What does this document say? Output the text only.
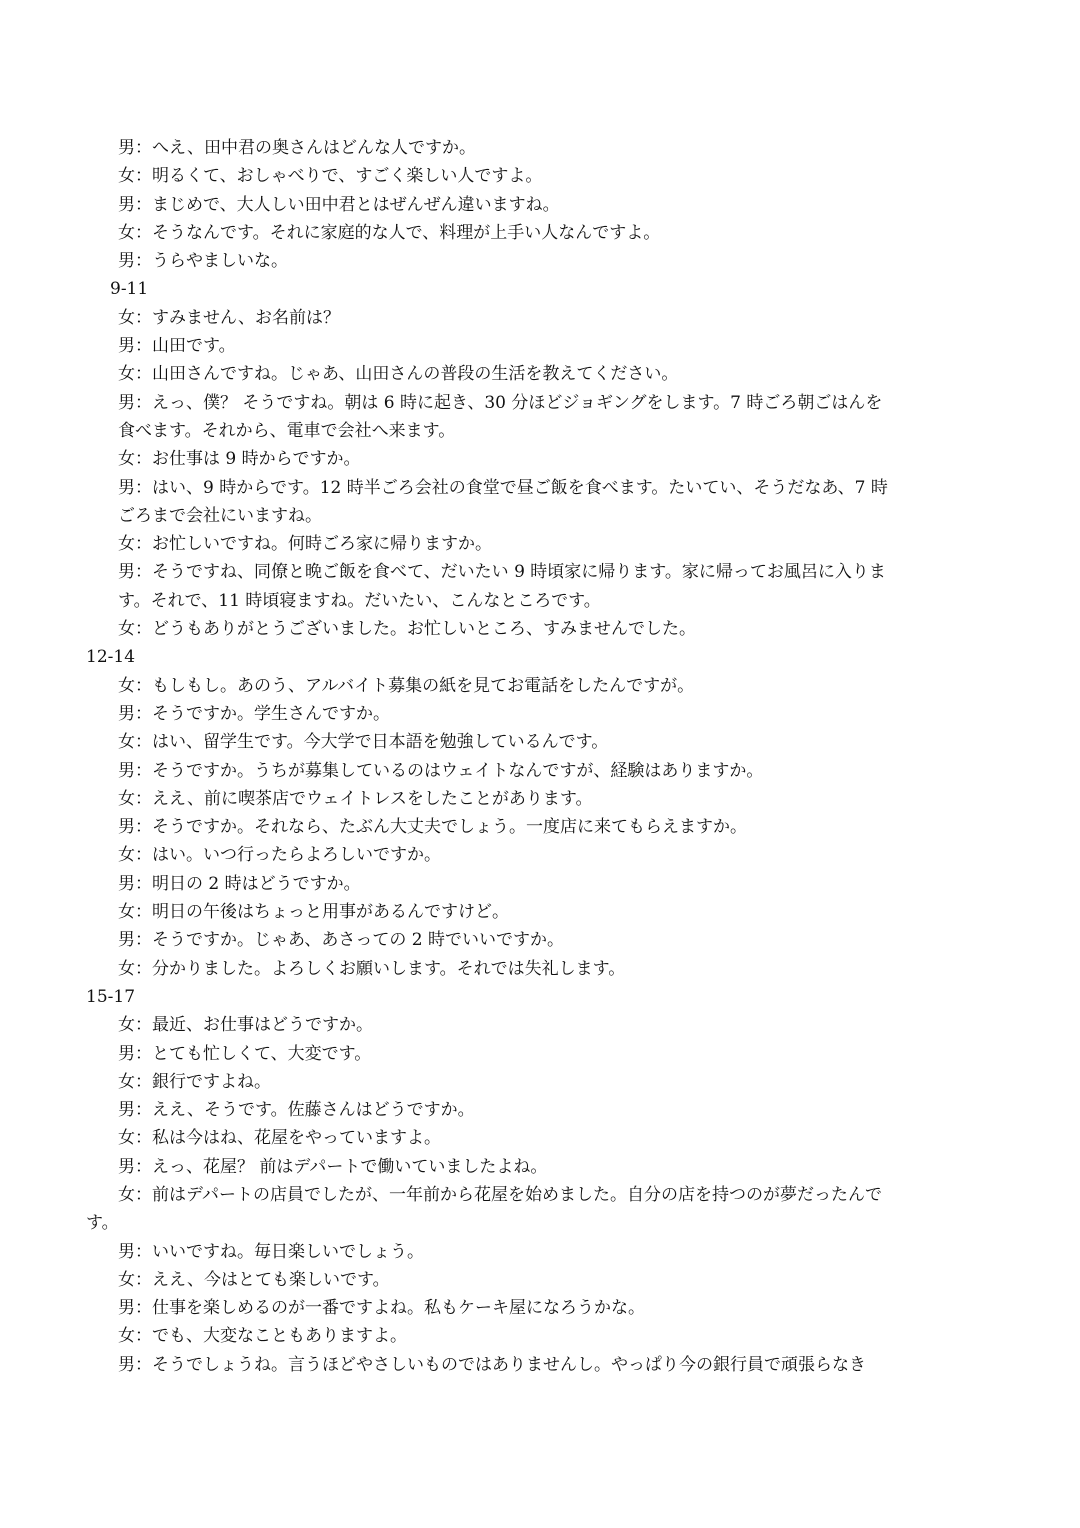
男：へえ、田中君の奥さんはどんな人ですか。
女：明るくて、おしゃべりで、すごく楽しい人ですよ。
男：まじめで、大人しい田中君とはぜんぜん違いますね。
女：そうなんです。それに家庭的な人で、料理が上手い人なんですよ。
男：うらやましいな。
9-11
女：すみません、お名前は？
男：山田です。
女：山田さんですね。じゃあ、山田さんの普段の生活を教えてください。
男：えっ、僕？ そうですね。朝は 6 時に起き、30 分ほどジョギングをします。7 時ごろ朝ごはんを
食べます。それから、電車で会社へ来ます。
女：お仕事は 9 時からですか。
男：はい、9 時からです。12 時半ごろ会社の食堂で昼ご飯を食べます。たいてい、そうだなあ、7 時
ごろまで会社にいますね。
女：お忙しいですね。何時ごろ家に帰りますか。
男：そうですね、同僚と晩ご飯を食べて、だいたい 9 時頃家に帰ります。家に帰ってお風呂に入りま
す。それで、11 時頃寝ますね。だいたい、こんなところです。
女：どうもありがとうございました。お忙しいところ、すみませんでした。
12-14
女：もしもし。あのう、アルバイト募集の紙を見てお電話をしたんですが。
男：そうですか。学生さんですか。
女：はい、留学生です。今大学で日本語を勉強しているんです。
男：そうですか。うちが募集しているのはウェイトなんですが、経験はありますか。
女：ええ、前に喫茶店でウェイトレスをしたことがあります。
男：そうですか。それなら、たぶん大丈夫でしょう。一度店に来てもらえますか。
女：はい。いつ行ったらよろしいですか。
男：明日の 2 時はどうですか。
女：明日の午後はちょっと用事があるんですけど。
男：そうですか。じゃあ、あさっての 2 時でいいですか。
女：分かりました。よろしくお願いします。それでは失礼します。
15-17
女：最近、お仕事はどうですか。
男：とても忙しくて、大変です。
女：銀行ですよね。
男：ええ、そうです。佐藤さんはどうですか。
女：私は今はね、花屋をやっていますよ。
男：えっ、花屋？ 前はデパートで働いていましたよね。
女：前はデパートの店員でしたが、一年前から花屋を始めました。自分の店を持つのが夢だったんで
す。
男：いいですね。毎日楽しいでしょう。
女：ええ、今はとても楽しいです。
男：仕事を楽しめるのが一番ですよね。私もケーキ屋になろうかな。
女：でも、大変なこともありますよ。
男：そうでしょうね。言うほどやさしいものではありませんし。やっぱり今の銀行員で頑張らなき
